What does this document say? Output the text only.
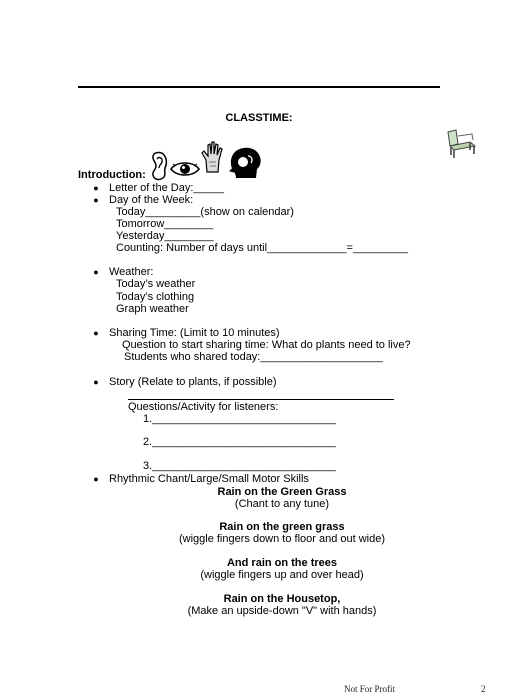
CLASSTIME:
Introduction:
● Letter of the Day:_____
● Day of the Week:
Today_________(show on calendar)
Tomorrow________
Yesterday________
Counting: Number of days until_____________=_________
● Weather:
Today’s weather
Today’s clothing
Graph weather
● Sharing Time: (Limit to 10 minutes)
Question to start sharing time: What do plants need to live?
Students who shared today:____________________
● Story (Relate to plants, if possible)
Questions/Activity for listeners:
1.______________________________
2.______________________________
3.______________________________
● Rhythmic Chant/Large/Small Motor Skills
Rain on the Green Grass
(Chant to any tune)
Rain on the green grass
(wiggle fingers down to floor and out wide)
And rain on the trees
(wiggle fingers up and over head)
Rain on the Housetop,
(Make an upside-down "V" with hands)
Not For Profit	2
